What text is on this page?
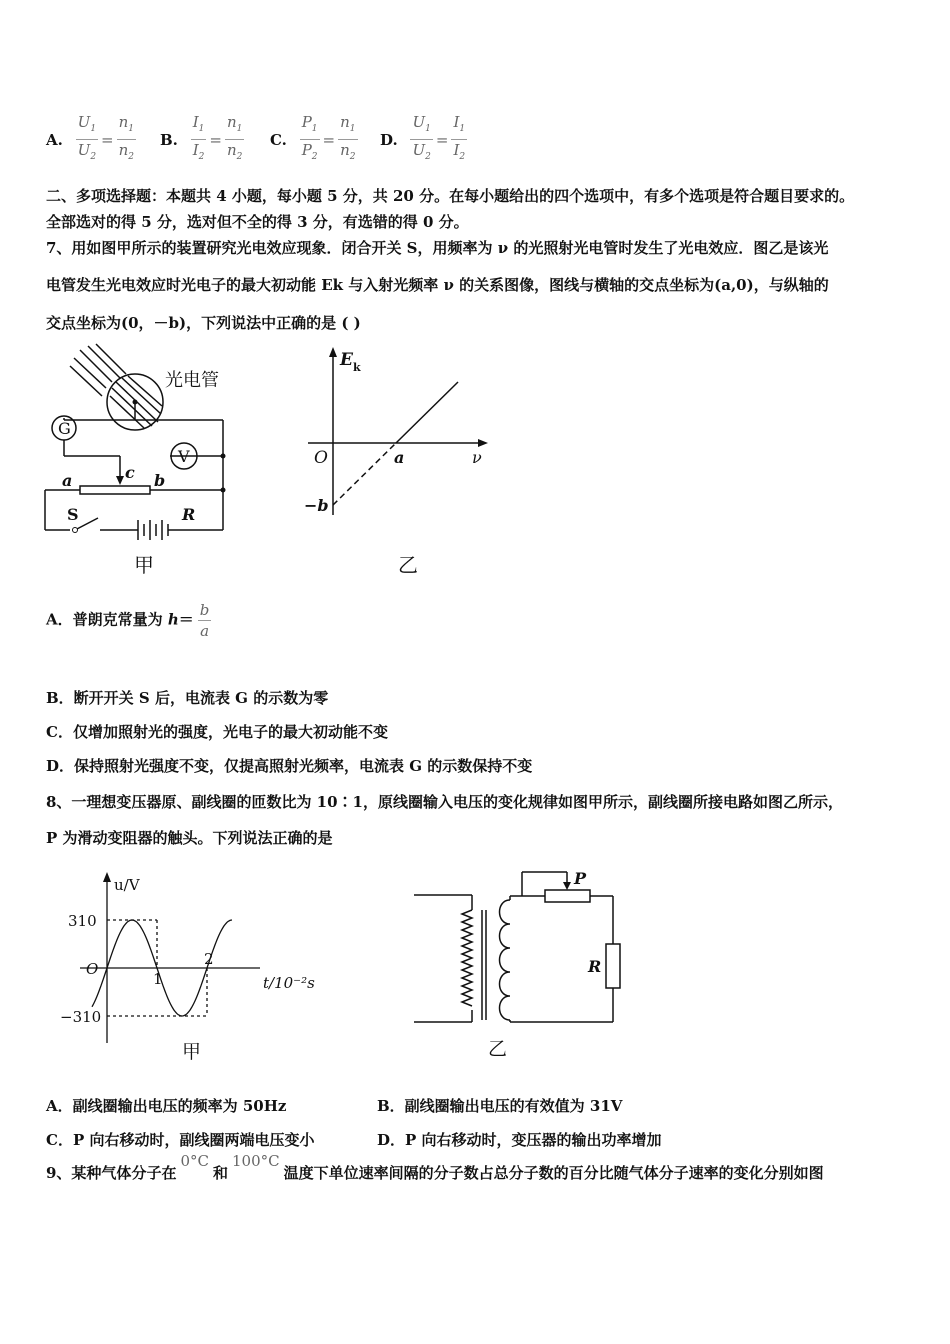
A. $\frac{U_1}{U_2} = \frac{n_1}{n_2} B$. $\frac{I_1}{I_2} = \frac{n_1}{n_2} C$. $\frac{P_1}{P_2} = \frac{n_1}{n_2} D$. $\frac{U_1}{U_2} = \frac{I_1}{I_2}$
二、多项选择题：本题共 4 小题，每小题 5 分，共 20 分。在每小题给出的四个选项中，有多个选项是符合题目要求的。
全部选对的得 5 分，选对但不全的得 3 分，有选错的得 0 分。
7、用如图甲所示的装置研究光电效应现象．闭合开关 S，用频率为 ν 的光照射光电管时发生了光电效应．图乙是该光
电管发生光电效应时光电子的最大初动能 Ek 与入射光频率 ν 的关系图像，图线与横轴的交点坐标为(a,0)，与纵轴的
交点坐标为(0，－b)，下列说法中正确的是 ( )
光电管
G
V
a	b
c
S	R
甲
E k
O	a	ν
−b
乙
A．普朗克常量为 $h= \frac{b}{a}$
B．断开开关 S 后，电流表 G 的示数为零
C．仅增加照射光的强度，光电子的最大初动能不变
D．保持照射光强度不变，仅提高照射光频率，电流表 G 的示数保持不变
8、一理想变压器原、副线圈的匝数比为 10∶1，原线圈输入电压的变化规律如图甲所示，副线圈所接电路如图乙所示，
P 为滑动变阻器的触头。下列说法正确的是
u/V
310
−310
O
1
2
t/10⁻²s
甲
P
R
乙
A．副线圈输出电压的频率为 50Hz	B．副线圈输出电压的有效值为 31V
C．P 向右移动时，副线圈两端电压变小	D．P 向右移动时，变压器的输出功率增加
9、某种气体分子在0°C和100°C温度下单位速率间隔的分子数占总分子数的百分比随气体分子速率的变化分别如图
